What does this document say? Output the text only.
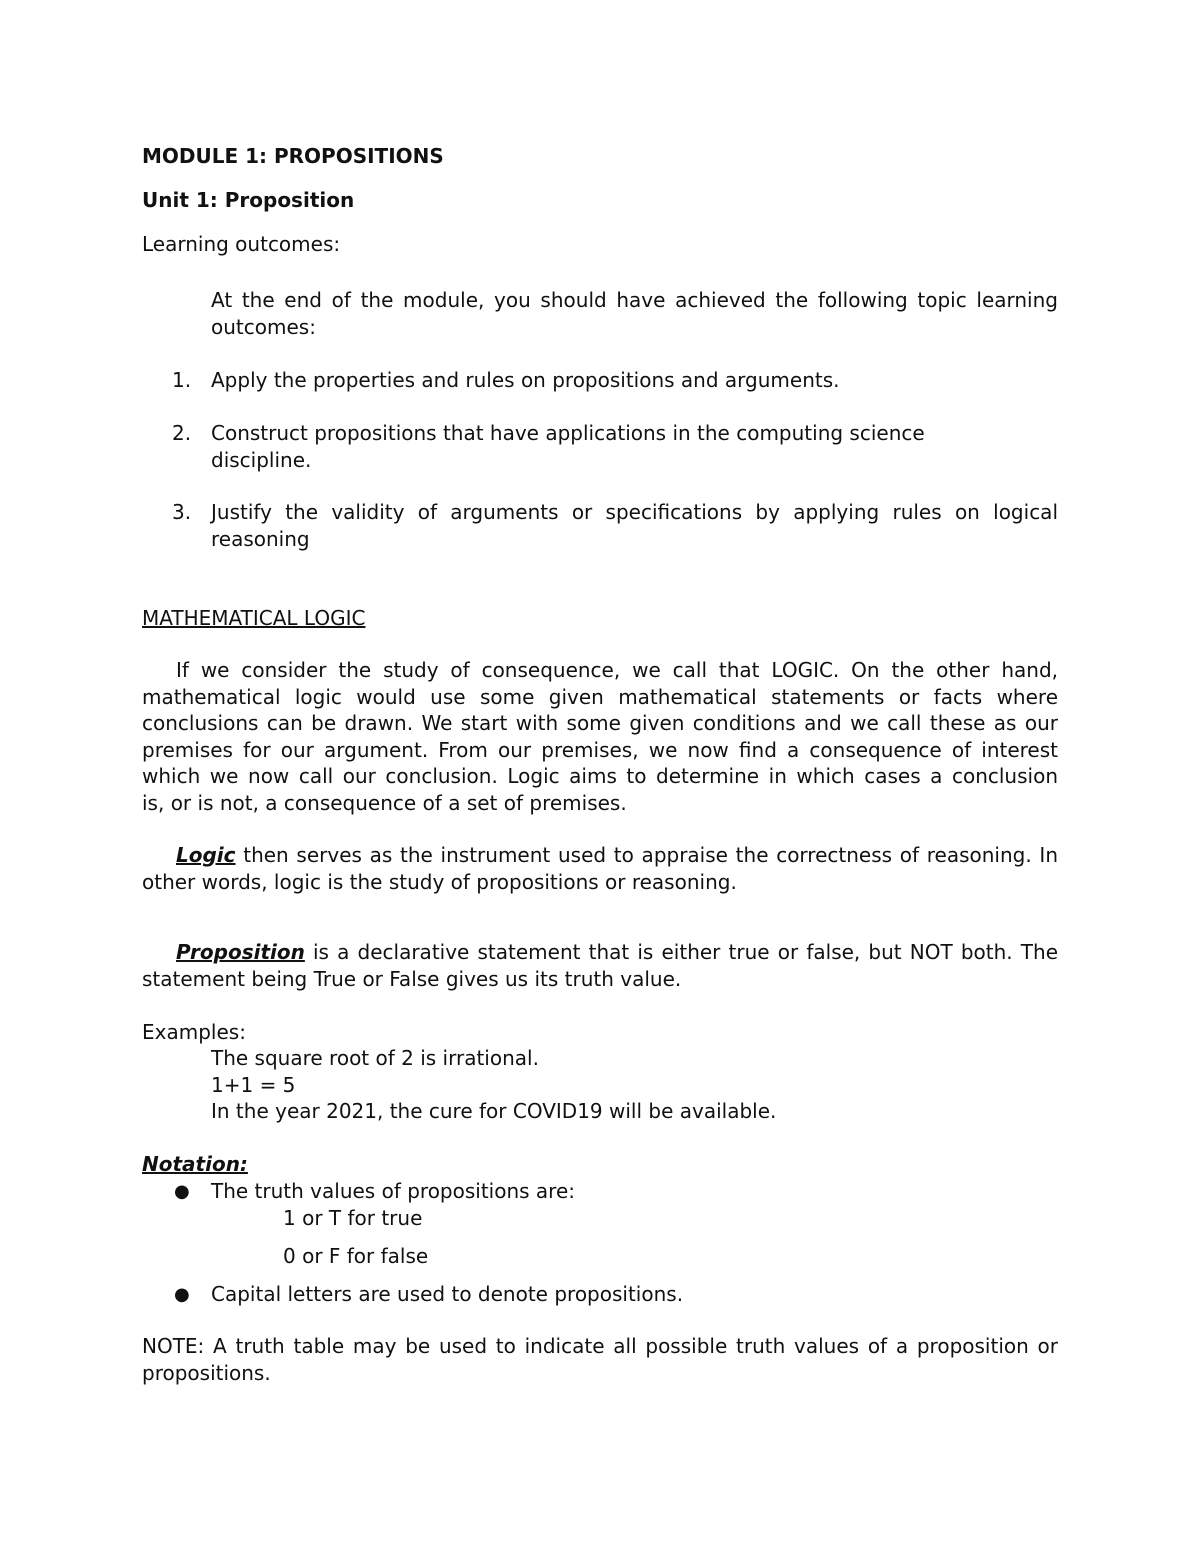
MODULE 1: PROPOSITIONS
Unit 1: Proposition
Learning outcomes:
At the end of the module, you should have achieved the following topic learning
outcomes:
1. Apply the properties and rules on propositions and arguments.
2. Construct propositions that have applications in the computing science
discipline.
3. Justify the validity of arguments or specifications by applying rules on logical
reasoning
MATHEMATICAL LOGIC
If we consider the study of consequence, we call that LOGIC. On the other hand,
mathematical logic would use some given mathematical statements or facts where
conclusions can be drawn. We start with some given conditions and we call these as our
premises for our argument. From our premises, we now find a consequence of interest
which we now call our conclusion. Logic aims to determine in which cases a conclusion
is, or is not, a consequence of a set of premises.
Logic then serves as the instrument used to appraise the correctness of reasoning. In
other words, logic is the study of propositions or reasoning.
Proposition is a declarative statement that is either true or false, but NOT both. The
statement being True or False gives us its truth value.
Examples:
The square root of 2 is irrational.
1+1 = 5
In the year 2021, the cure for COVID19 will be available.
Notation:
● The truth values of propositions are:
1 or T for true
0 or F for false
● Capital letters are used to denote propositions.
NOTE: A truth table may be used to indicate all possible truth values of a proposition or
propositions.
